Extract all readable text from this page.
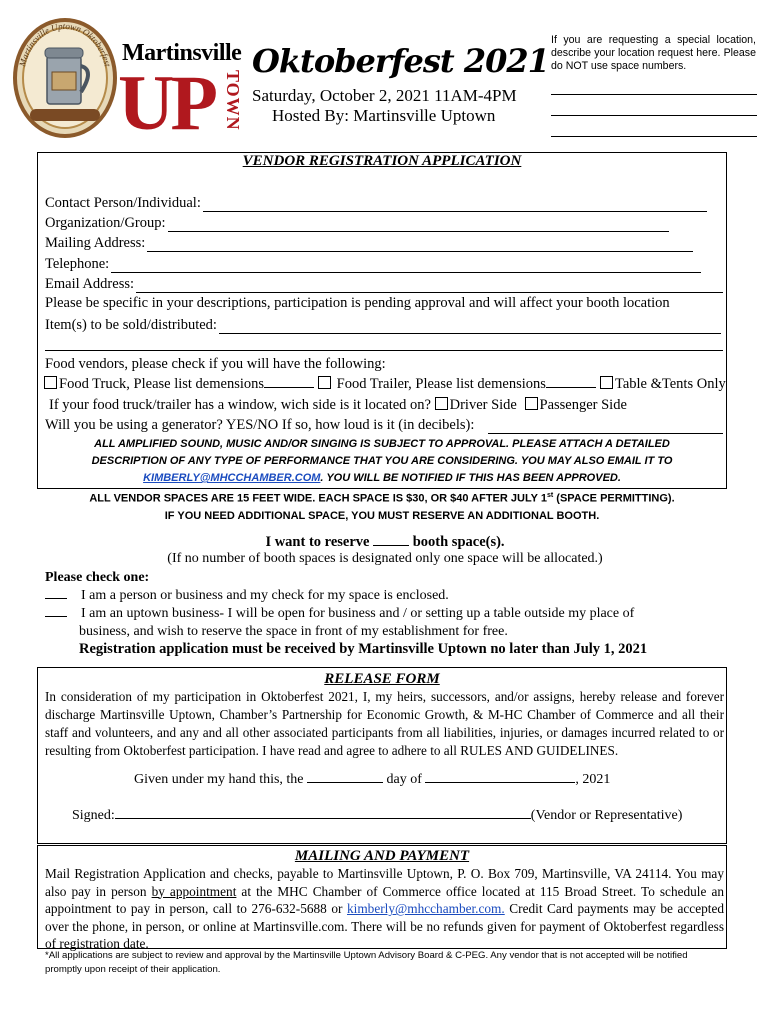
Martinsville Uptown Oktoberfest Martinsville
UP TOWN
Oktoberfest 2021
Saturday, October 2, 2021 11AM-4PM
Hosted By: Martinsville Uptown
If you are requesting a special location, describe your location request here. Please do NOT use space numbers.
VENDOR REGISTRATION APPLICATION
Contact Person/Individual:
Organization/Group:
Mailing Address:
Telephone:
Email Address:
Please be specific in your descriptions, participation is pending approval and will affect your booth location
Item(s) to be sold/distributed:
Food vendors, please check if you will have the following:
Food Truck, Please list demensions	Food Trailer, Please list demensions	Table &Tents Only
If your food truck/trailer has a window, wich side is it located on? Driver Side Passenger Side
Will you be using a generator? YES/NO If so, how loud is it (in decibels):
ALL AMPLIFIED SOUND, MUSIC AND/OR SINGING IS SUBJECT TO APPROVAL. PLEASE ATTACH A DETAILED
DESCRIPTION OF ANY TYPE OF PERFORMANCE THAT YOU ARE CONSIDERING. YOU MAY ALSO EMAIL IT TO
KIMBERLY@MHCCHAMBER.COM. YOU WILL BE NOTIFIED IF THIS HAS BEEN APPROVED.
ALL VENDOR SPACES ARE 15 FEET WIDE. EACH SPACE IS $30, OR $40 AFTER JULY 1st (SPACE PERMITTING).
IF YOU NEED ADDITIONAL SPACE, YOU MUST RESERVE AN ADDITIONAL BOOTH.
I want to reserve	booth space(s).
(If no number of booth spaces is designated only one space will be allocated.)
Please check one:
I am a person or business and my check for my space is enclosed.
I am an uptown business- I will be open for business and / or setting up a table outside my place of
business, and wish to reserve the space in front of my establishment for free.
Registration application must be received by Martinsville Uptown no later than July 1, 2021
RELEASE FORM
In consideration of my participation in Oktoberfest 2021, I, my heirs, successors, and/or assigns, hereby release and forever discharge Martinsville Uptown, Chamber’s Partnership for Economic Growth, & M-HC Chamber of Commerce and all their staff and volunteers, and any and all other associated participants from all liabilities, injuries, or damages incurred related to or resulting from Oktoberfest participation. I have read and agree to adhere to all RULES AND GUIDELINES.
Given under my hand this, the	day of	, 2021
Signed:	(Vendor or Representative)
MAILING AND PAYMENT
Mail Registration Application and checks, payable to Martinsville Uptown, P. O. Box 709, Martinsville, VA 24114. You may also pay in person by appointment at the MHC Chamber of Commerce office located at 115 Broad Street. To schedule an appointment to pay in person, call to 276-632-5688 or kimberly@mhcchamber.com. Credit Card payments may be accepted over the phone, in person, or online at Martinsville.com. There will be no refunds given for payment of Oktoberfest regardless of registration date.
*All applications are subject to review and approval by the Martinsville Uptown Advisory Board & C-PEG. Any vendor that is not accepted will be notified promptly upon receipt of their application.
